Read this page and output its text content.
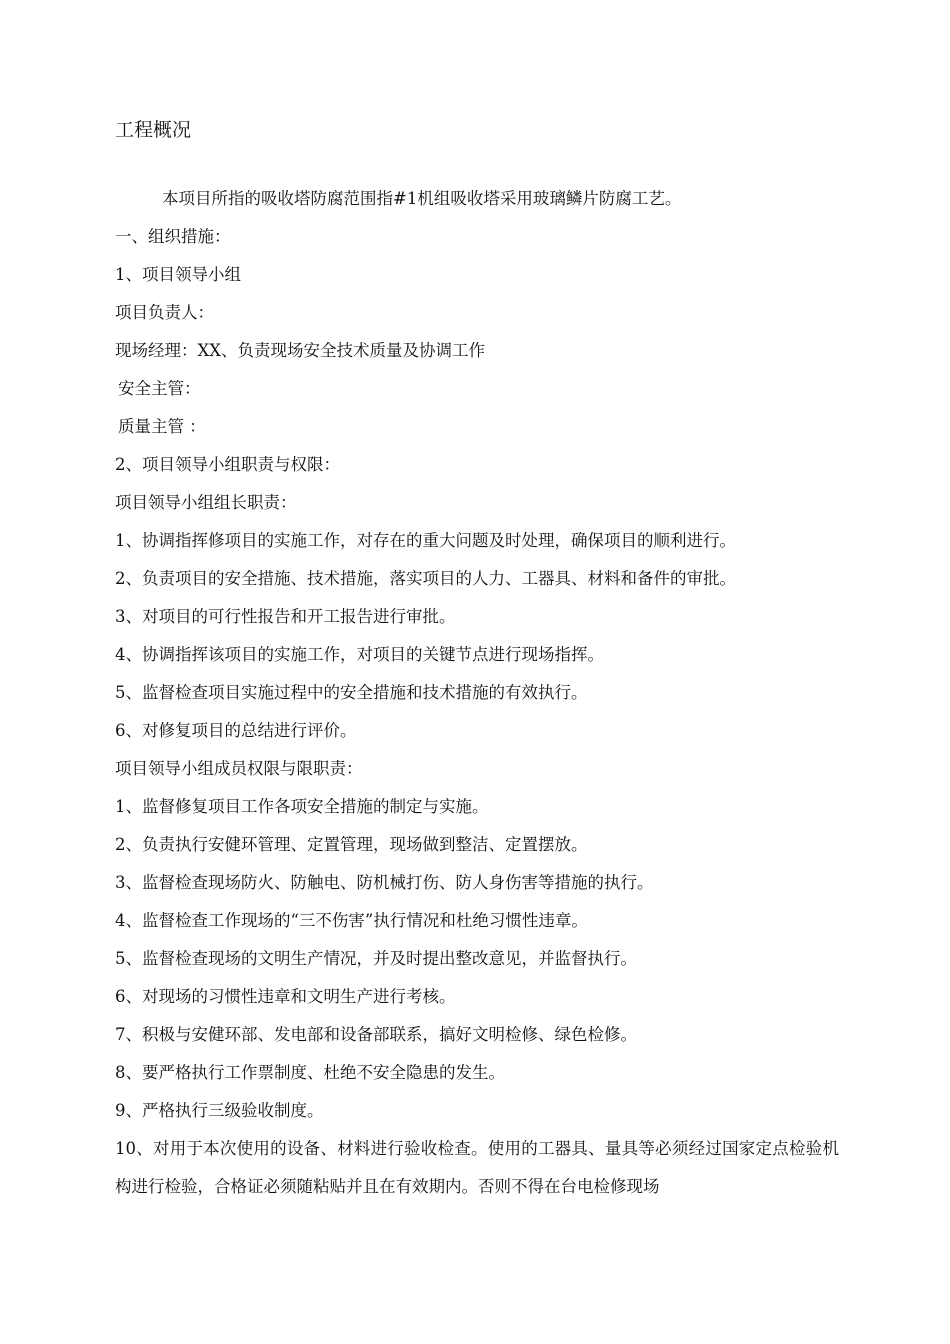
工程概况
本项目所指的吸收塔防腐范围指#1机组吸收塔采用玻璃鳞片防腐工艺。
一、组织措施：
1、项目领导小组
项目负责人：
现场经理：XX、负责现场安全技术质量及协调工作
安全主管：
质量主管 ：
2、项目领导小组职责与权限：
项目领导小组组长职责：
1、协调指挥修项目的实施工作，对存在的重大问题及时处理，确保项目的顺利进行。
2、负责项目的安全措施、技术措施，落实项目的人力、工器具、材料和备件的审批。
3、对项目的可行性报告和开工报告进行审批。
4、协调指挥该项目的实施工作，对项目的关键节点进行现场指挥。
5、监督检查项目实施过程中的安全措施和技术措施的有效执行。
6、对修复项目的总结进行评价。
项目领导小组成员权限与限职责：
1、监督修复项目工作各项安全措施的制定与实施。
2、负责执行安健环管理、定置管理，现场做到整洁、定置摆放。
3、监督检查现场防火、防触电、防机械打伤、防人身伤害等措施的执行。
4、监督检查工作现场的“三不伤害”执行情况和杜绝习惯性违章。
5、监督检查现场的文明生产情况，并及时提出整改意见，并监督执行。
6、对现场的习惯性违章和文明生产进行考核。
7、积极与安健环部、发电部和设备部联系，搞好文明检修、绿色检修。
8、要严格执行工作票制度、杜绝不安全隐患的发生。
9、严格执行三级验收制度。
10、对用于本次使用的设备、材料进行验收检查。使用的工器具、量具等必须经过国家定点检验机构进行检验，合格证必须随粘贴并且在有效期内。否则不得在台电检修现场
